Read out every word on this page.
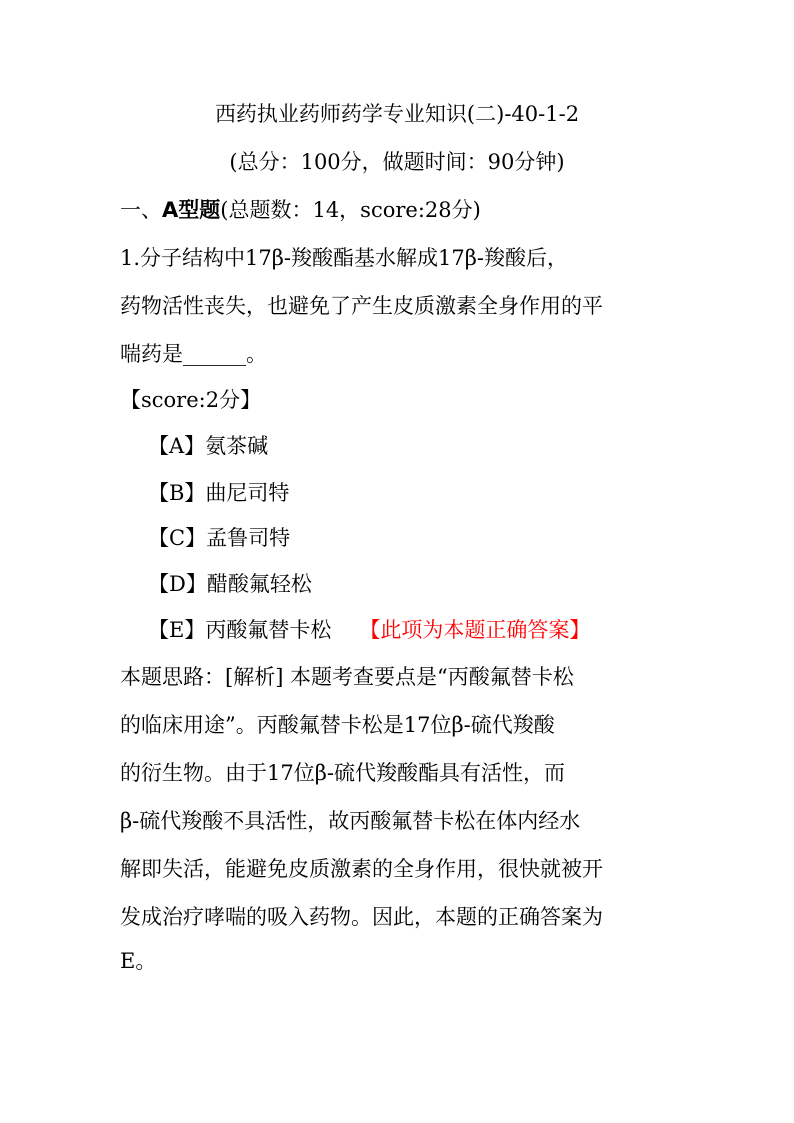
西药执业药师药学专业知识(二)-40-1-2
(总分：100分，做题时间：90分钟)
一、A型题(总题数：14，score:28分)
1.分子结构中17β-羧酸酯基水解成17β-羧酸后，
药物活性丧失，也避免了产生皮质激素全身作用的平
喘药是______。
【score:2分】
【A】氨茶碱
【B】曲尼司特
【C】孟鲁司特
【D】醋酸氟轻松
【E】丙酸氟替卡松 【此项为本题正确答案】
本题思路：[解析] 本题考查要点是“丙酸氟替卡松
的临床用途”。丙酸氟替卡松是17位β-硫代羧酸
的衍生物。由于17位β-硫代羧酸酯具有活性，而
β-硫代羧酸不具活性，故丙酸氟替卡松在体内经水
解即失活，能避免皮质激素的全身作用，很快就被开
发成治疗哮喘的吸入药物。因此，本题的正确答案为
E。
